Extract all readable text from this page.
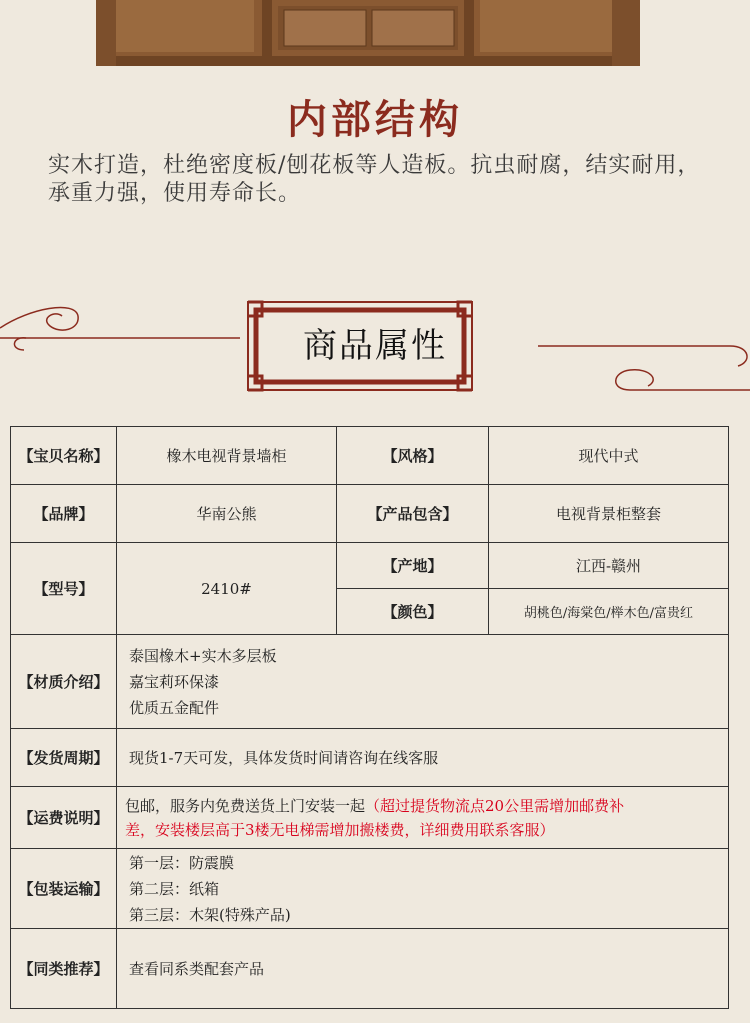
内部结构
实木打造，杜绝密度板/刨花板等人造板。抗虫耐腐，结实耐用，
承重力强，使用寿命长。
商品属性
【宝贝名称】	橡木电视背景墙柜	【风格】	现代中式
【品牌】	华南公熊	【产品包含】	电视背景柜整套
【型号】	2410#	【产地】	江西-赣州
		【颜色】	胡桃色/海棠色/榉木色/富贵红
【材质介绍】	泰国橡木+实木多层板
嘉宝莉环保漆
优质五金配件		

【发货周期】	现货1-7天可发，具体发货时间请咨询在线客服		
【运费说明】	包邮，服务内免费送货上门安装一起（超过提货物流点20公里需增加邮费补
差，安装楼层高于3楼无电梯需增加搬楼费，详细费用联系客服）		
【包装运输】	第一层：防震膜
第二层：纸箱
第三层：木架(特殊产品)		

【同类推荐】	查看同系类配套产品		
